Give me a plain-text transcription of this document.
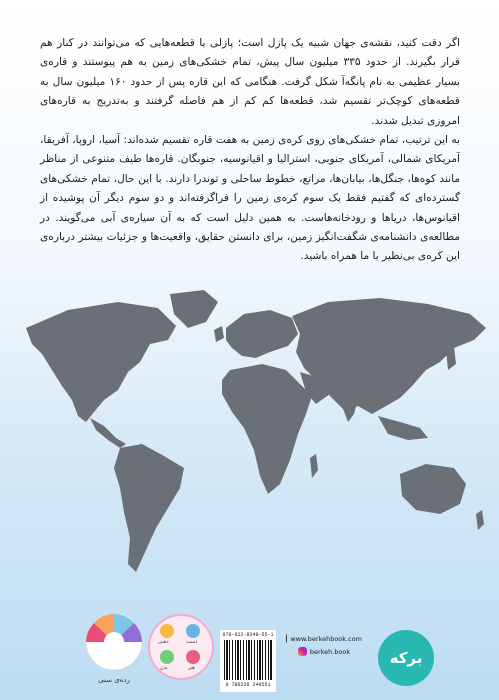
اگر دقت کنید، نقشه‌ی جهان شبیه یک پازل است؛ پازلی با قطعه‌هایی که می‌توانند در کنار هم قرار بگیرند. از حدود ۳۳۵ میلیون سال پیش، تمام خشکی‌های زمین به هم پیوستند و قاره‌ی بسیار عظیمی به نام پانگه‌آ شکل گرفت. هنگامی که این قاره پس از حدود ۱۶۰ میلیون سال به قطعه‌های کوچک‌تر تقسیم شد، قطعه‌ها کم کم از هم فاصله گرفتند و به‌تدریج به قاره‌های امروزی تبدیل شدند.

به این ترتیب، تمام خشکی‌های روی کره‌ی زمین به هفت قاره تقسیم شده‌اند: آسیا، اروپا، آفریقا، آمریکای شمالی، آمریکای جنوبی، استرالیا و اقیانوسیه، جنوبگان. قاره‌ها طیف متنوعی از مناظر مانند کوه‌ها، جنگل‌ها، بیابان‌ها، مراتع، خطوط ساحلی و توندرا دارند. با این حال، تمام خشکی‌های گسترده‌ای که گفتیم فقط یک سوم کره‌ی زمین را فراگرفته‌اند و دو سوم دیگر آن پوشیده از اقیانوس‌ها، دریاها و رودخانه‌هاست. به همین دلیل است که به آن سیاره‌ی آبی می‌گویند. در مطالعه‌ی دانشنامه‌ی شگفت‌انگیز زمین، برای دانستن حقایق، واقعیت‌ها و جزئیات بیشتر درباره‌ی این کره‌ی بی‌نظیر با ما همراه باشید.

رده‌ی سنی
ذهنی	دست
بدن	هنر
978-622-8249-55-1
9 786228 249551
www.berkehbook.com
berkeh.book	برکه
